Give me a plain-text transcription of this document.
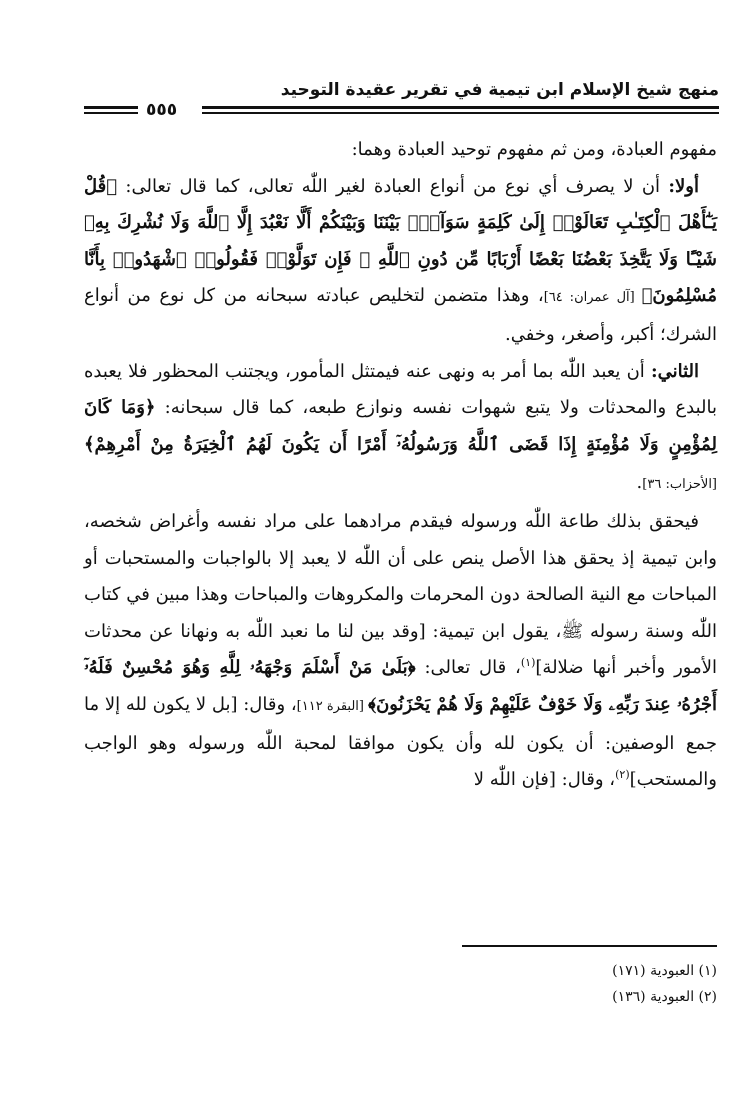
منهج شيخ الإسلام ابن تيمية في تقرير عقيدة التوحيد
٥٥٥

مفهوم العبادة، ومن ثم مفهوم توحيد العبادة وهما:

 أولا: أن لا يصرف أي نوع من أنواع العبادة لغير اللّٰه تعالى، كما قال تعالى: ﴿قُلْ يَـٰٓأَهْلَ ٱلْكِتَـٰبِ تَعَالَوْا۟ إِلَىٰ كَلِمَةٍ سَوَآءٍۭ بَيْنَنَا وَبَيْنَكُمْ أَلَّا نَعْبُدَ إِلَّا ٱللَّهَ وَلَا نُشْرِكَ بِهِۦ شَيْـًٔا وَلَا يَتَّخِذَ بَعْضُنَا بَعْضًا أَرْبَابًا مِّن دُونِ ٱللَّهِ ۚ فَإِن تَوَلَّوْا۟ فَقُولُوا۟ ٱشْهَدُوا۟ بِأَنَّا مُسْلِمُونَ﴾ [آل عمران: ٦٤]، وهذا متضمن لتخليص عبادته سبحانه من كل نوع من أنواع الشرك؛ أكبر، وأصغر، وخفي.

 الثاني: أن يعبد اللّٰه بما أمر به ونهى عنه فيمتثل المأمور، ويجتنب المحظور فلا يعبده بالبدع والمحدثات ولا يتبع شهوات نفسه ونوازع طبعه، كما قال سبحانه: ﴿وَمَا كَانَ لِمُؤْمِنٍ وَلَا مُؤْمِنَةٍ إِذَا قَضَى ٱللَّهُ وَرَسُولُهُۥٓ أَمْرًا أَن يَكُونَ لَهُمُ ٱلْخِيَرَةُ مِنْ أَمْرِهِمْ﴾ [الأحزاب: ٣٦].

 فيحقق بذلك طاعة اللّٰه ورسوله فيقدم مرادهما على مراد نفسه وأغراض شخصه، وابن تيمية إذ يحقق هذا الأصل ينص على أن اللّٰه لا يعبد إلا بالواجبات والمستحبات أو المباحات مع النية الصالحة دون المحرمات والمكروهات والمباحات وهذا مبين في كتاب اللّٰه وسنة رسوله ﷺ، يقول ابن تيمية: [وقد بين لنا ما نعبد اللّٰه به ونهانا عن محدثات الأمور وأخبر أنها ضلالة]$^{(١)}$، قال تعالى: ﴿بَلَىٰ مَنْ أَسْلَمَ وَجْهَهُۥ لِلَّهِ وَهُوَ مُحْسِنٌ فَلَهُۥٓ أَجْرُهُۥ عِندَ رَبِّهِۦ وَلَا خَوْفٌ عَلَيْهِمْ وَلَا هُمْ يَحْزَنُونَ﴾ [البقرة ١١٢]، وقال: [بل لا يكون لله إلا ما جمع الوصفين: أن يكون لله وأن يكون موافقا لمحبة اللّٰه ورسوله وهو الواجب والمستحب]$^{(٢)}$، وقال: [فإن اللّٰه لا

(١) العبودية (١٧١)
(٢) العبودية (١٣٦)
